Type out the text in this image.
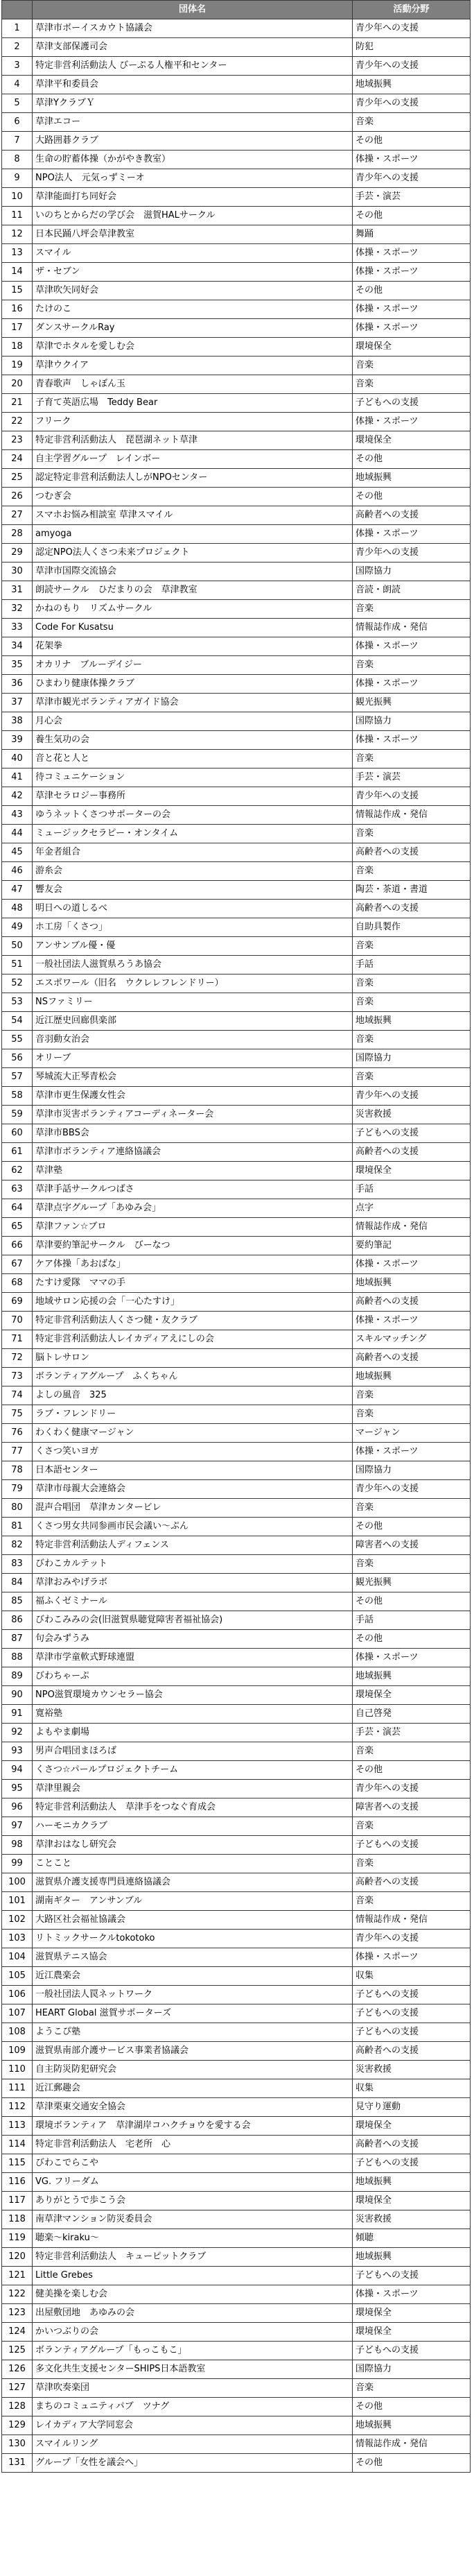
	団体名	活動分野
1	草津市ボーイスカウト協議会	青少年への支援
2	草津支部保護司会	防犯
3	特定非営利活動法人 びーぷる人権平和センター	青少年への支援
4	草津平和委員会	地域振興
5	草津YクラブＹ	青少年への支援
6	草津エコー	音楽
7	大路囲碁クラブ	その他
8	生命の貯蓄体操（かがやき教室）	体操・スポーツ
9	NPO法人　元気っずミーオ	青少年への支援
10	草津能面打ち同好会	手芸・演芸
11	いのちとからだの学び会　滋賀HALサークル	その他
12	日本民踊八坪会草津教室	舞踊
13	スマイル	体操・スポーツ
14	ザ・セブン	体操・スポーツ
15	草津吹矢同好会	その他
16	たけのこ	体操・スポーツ
17	ダンスサークルRay	体操・スポーツ
18	草津でホタルを愛しむ会	環境保全
19	草津ウクイア	音楽
20	青春歌声　しゃぼん玉	音楽
21	子育て英語広場　Teddy Bear	子どもへの支援
22	フリーク	体操・スポーツ
23	特定非営利活動法人　琵琶湖ネット草津	環境保全
24	自主学習グループ　レインボー	その他
25	認定特定非営利活動法人しがNPOセンター	地域振興
26	つむぎ会	その他
27	スマホお悩み相談室 草津スマイル	高齢者への支援
28	amyoga	体操・スポーツ
29	認定NPO法人くさつ未来プロジェクト	青少年への支援
30	草津市国際交流協会	国際協力
31	朗読サークル　ひだまりの会　草津教室	音読・朗読
32	かねのもり　リズムサークル	音楽
33	Code For Kusatsu	情報誌作成・発信
34	花架拳	体操・スポーツ
35	オカリナ　ブルーデイジー	音楽
36	ひまわり健康体操クラブ	体操・スポーツ
37	草津市観光ボランティアガイド協会	観光振興
38	月心会	国際協力
39	養生気功の会	体操・スポーツ
40	音と花と人と	音楽
41	待コミュニケーション	手芸・演芸
42	草津セラロジー事務所	青少年への支援
43	ゆうネットくさつサポーターの会	情報誌作成・発信
44	ミュージックセラピー・オンタイム	音楽
45	年金者組合	高齢者への支援
46	游糸会	音楽
47	響友会	陶芸・茶道・書道
48	明日への道しるべ	高齢者への支援
49	ホ工房「くさつ」	自助具製作
50	アンサンブル優・優	音楽
51	一般社団法人滋賀県ろうあ協会	手話
52	エスポワール（旧名　ウクレレフレンドリー）	音楽
53	NSファミリー	音楽
54	近江歴史回廊倶楽部	地域振興
55	音羽動女治会	音楽
56	オリーブ	国際協力
57	琴城流大正琴青松会	音楽
58	草津市更生保護女性会	青少年への支援
59	草津市災害ボランティアコーディネーター会	災害救援
60	草津市BBS会	子どもへの支援
61	草津市ボランティア連絡協議会	高齢者への支援
62	草津塾	環境保全
63	草津手話サークルつばさ	手話
64	草津点字グループ「あゆみ会」	点字
65	草津ファン☆ブロ	情報誌作成・発信
66	草津要約筆記サークル　びーなつ	要約筆記
67	ケア体操「あおばな」	体操・スポーツ
68	たすけ愛隊　ママの手	地域振興
69	地域サロン応援の会「一心たすけ」	高齢者への支援
70	特定非営利活動法人くさつ健・友クラブ	体操・スポーツ
71	特定非営利活動法人レイカディアえにしの会	スキルマッチング
72	脳トレサロン	高齢者への支援
73	ボランティアグループ　ふくちゃん	地域振興
74	よしの風音　325	音楽
75	ラブ・フレンドリー	音楽
76	わくわく健康マージャン	マージャン
77	くさつ笑いヨガ	体操・スポーツ
78	日本語センター	国際協力
79	草津市母親大会連絡会	青少年への支援
80	混声合唱団　草津カンタービレ	音楽
81	くさつ男女共同参画市民会議い〜ぷん	その他
82	特定非営利活動法人ディフェンス	障害者への支援
83	びわこカルテット	音楽
84	草津おみやげラボ	観光振興
85	福ふくゼミナール	その他
86	びわこみみの会(旧滋賀県聴覚障害者福祉協会)	手話
87	句会みずうみ	その他
88	草津市学童軟式野球連盟	体操・スポーツ
89	びわちゃーぷ	地域振興
90	NPO滋賀環境カウンセラー協会	環境保全
91	寛裕塾	自己啓発
92	よもやま劇場	手芸・演芸
93	男声合唱団まほろば	音楽
94	くさつ☆パールプロジェクトチーム	その他
95	草津里親会	青少年への支援
96	特定非営利活動法人　草津手をつなぐ育成会	障害者への支援
97	ハーモニカクラブ	音楽
98	草津おはなし研究会	子どもへの支援
99	ことこと	音楽
100	滋賀県介護支援専門員連絡協議会	高齢者への支援
101	湖南ギター　アンサンブル	音楽
102	大路区社会福祉協議会	情報誌作成・発信
103	リトミックサークルtokotoko	青少年への支援
104	滋賀県テニス協会	体操・スポーツ
105	近江農楽会	収集
106	一般社団法人罠ネットワーク	子どもへの支援
107	HEART Global 滋賀サポーターズ	子どもへの支援
108	ようこぴ塾	子どもへの支援
109	滋賀県南部介護サービス事業者協議会	高齢者への支援
110	自主防災防犯研究会	災害救援
111	近江郵趣会	収集
112	草津栗東交通安全協会	見守り運動
113	環境ボランティア　草津湖岸コハクチョウを愛する会	環境保全
114	特定非営利活動法人　宅老所　心	高齢者への支援
115	びわこでらこや	子どもへの支援
116	VG. フリーダム	地域振興
117	ありがとうで歩こう会	環境保全
118	南草津マンション防災委員会	災害救援
119	聴楽〜kiraku〜	傾聴
120	特定非営利活動法人　キューピットクラブ	地域振興
121	Little Grebes	子どもへの支援
122	健美操を楽しむ会	体操・スポーツ
123	出屋敷団地　あゆみの会	環境保全
124	かいつぶりの会	環境保全
125	ボランティアグループ「もっこもこ」	子どもへの支援
126	多文化共生支援センターSHIPS日本語教室	国際協力
127	草津吹奏楽団	音楽
128	まちのコミュニティパブ　ツナグ	その他
129	レイカディア大学同窓会	地域振興
130	スマイルリング	情報誌作成・発信
131	グループ「女性を議会へ」	その他
